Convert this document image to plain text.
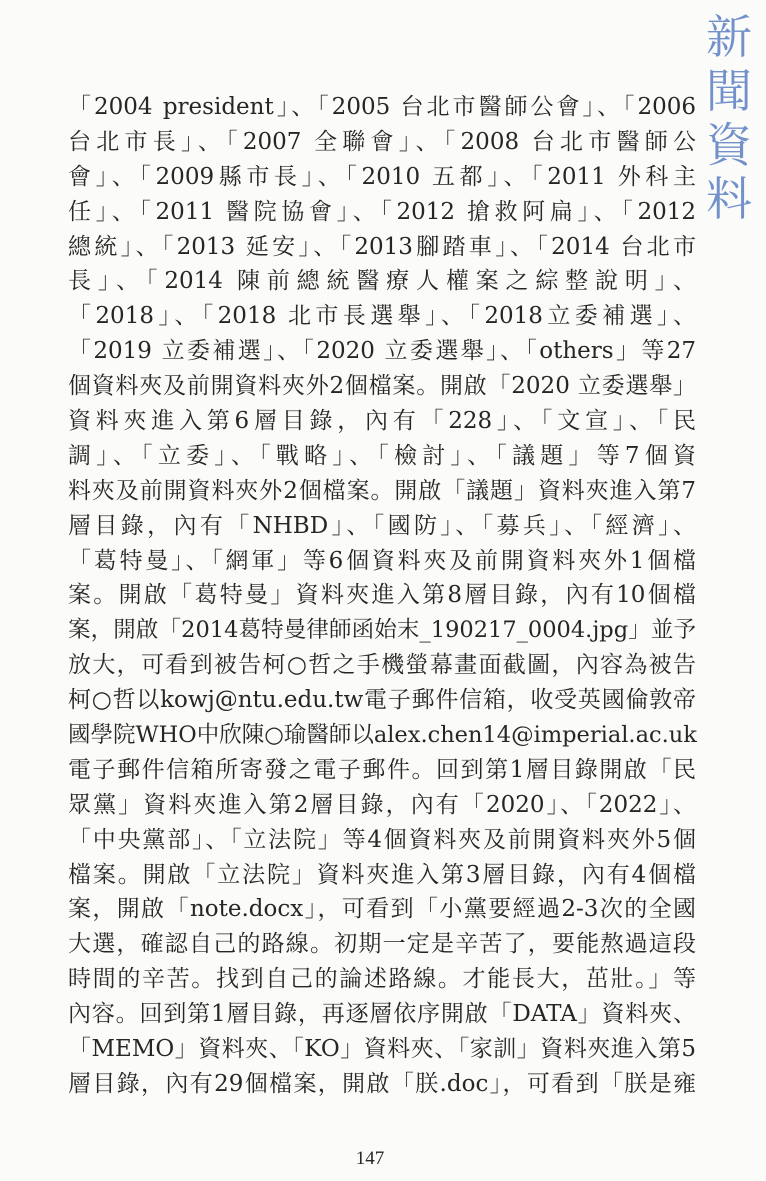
新
聞
資
料
「2004 president」、「2005 台北市醫師公會」、「2006
台北市長」、「2007 全聯會」、「2008 台北市醫師公
會」、「2009縣市長」、「2010 五都」、「2011 外科主
任」、「2011 醫院協會」、「2012 搶救阿扁」、「2012
總統」、「2013 延安」、「2013腳踏車」、「2014 台北市
長」、「2014 陳前總統醫療人權案之綜整說明」、
「2018」、「2018 北市長選舉」、「2018立委補選」、
「2019 立委補選」、「2020 立委選舉」、「others」等27
個資料夾及前開資料夾外2個檔案。開啟「2020 立委選舉」
資料夾進入第6層目錄，內有「228」、「文宣」、「民
調」、「立委」、「戰略」、「檢討」、「議題」等7個資
料夾及前開資料夾外2個檔案。開啟「議題」資料夾進入第7
層目錄，內有「NHBD」、「國防」、「募兵」、「經濟」、
「葛特曼」、「網軍」等6個資料夾及前開資料夾外1個檔
案。開啟「葛特曼」資料夾進入第8層目錄，內有10個檔
案，開啟「2014葛特曼律師函始末_190217_0004.jpg」並予
放大，可看到被告柯○哲之手機螢幕畫面截圖，內容為被告
柯○哲以kowj@ntu.edu.tw電子郵件信箱，收受英國倫敦帝
國學院WHO中欣陳○瑜醫師以alex.chen14@imperial.ac.uk
電子郵件信箱所寄發之電子郵件。回到第1層目錄開啟「民
眾黨」資料夾進入第2層目錄，內有「2020」、「2022」、
「中央黨部」、「立法院」等4個資料夾及前開資料夾外5個
檔案。開啟「立法院」資料夾進入第3層目錄，內有4個檔
案，開啟「note.docx」，可看到「小黨要經過2-3次的全國
大選，確認自己的路線。初期一定是辛苦了，要能熬過這段
時間的辛苦。找到自己的論述路線。才能長大，茁壯。」等
內容。回到第1層目錄，再逐層依序開啟「DATA」資料夾、
「MEMO」資料夾、「KO」資料夾、「家訓」資料夾進入第5
層目錄，內有29個檔案，開啟「朕.doc」，可看到「朕是雍
147
